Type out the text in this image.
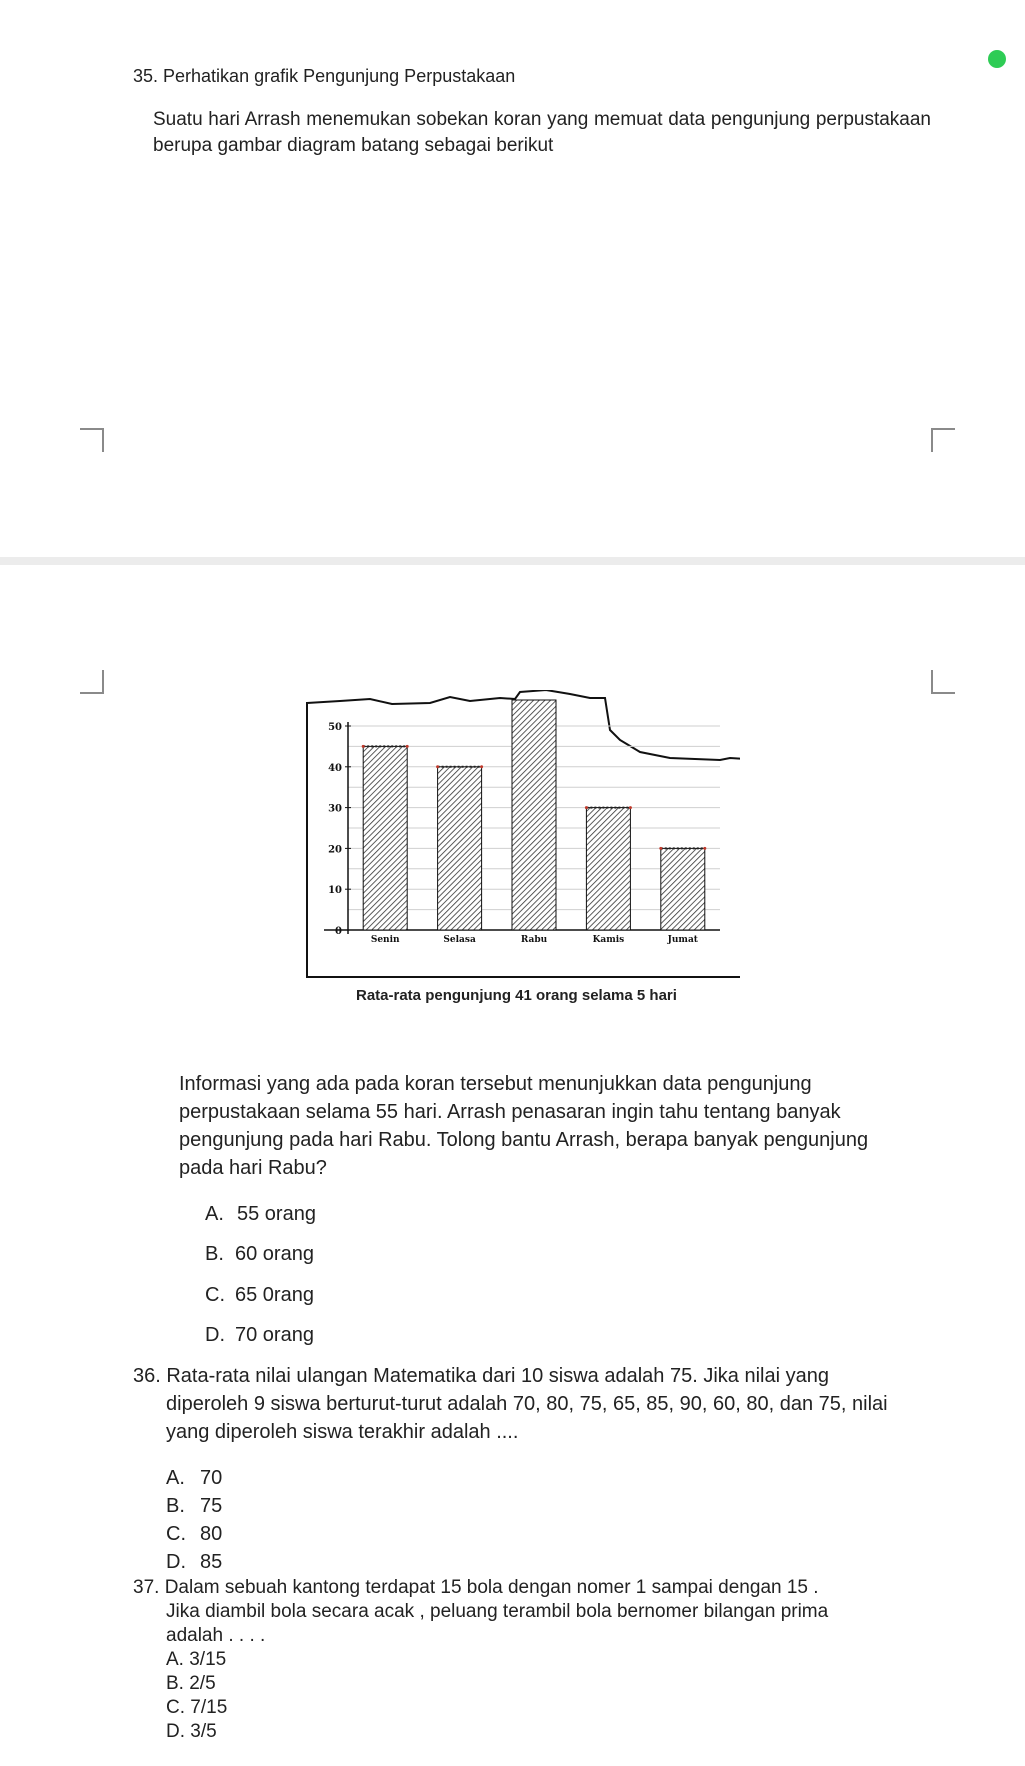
35. Perhatikan grafik Pengunjung Perpustakaan
Suatu hari Arrash menemukan sobekan koran yang memuat data pengunjung perpustakaan berupa gambar diagram batang sebagai berikut
0
10
20
30
40
50
Senin	Selasa	Rabu	Kamis	Jumat
Rata-rata pengunjung 41 orang selama 5 hari
Informasi yang ada pada koran tersebut menunjukkan data pengunjung
perpustakaan selama 55 hari. Arrash penasaran ingin tahu tentang banyak
pengunjung pada hari Rabu. Tolong bantu Arrash, berapa banyak pengunjung
pada hari Rabu?
A. 55 orang
B. 60 orang
C. 65 0rang
D. 70 orang
36. Rata-rata nilai ulangan Matematika dari 10 siswa adalah 75. Jika nilai yang
diperoleh 9 siswa berturut-turut adalah 70, 80, 75, 65, 85, 90, 60, 80, dan 75, nilai
yang diperoleh siswa terakhir adalah ....
A. 70
B. 75
C. 80
D. 85
37. Dalam sebuah kantong terdapat 15 bola dengan nomer 1 sampai dengan 15 .
Jika diambil bola secara acak , peluang terambil bola bernomer bilangan prima
adalah . . . .
A. 3/15
B. 2/5
C. 7/15
D. 3/5
